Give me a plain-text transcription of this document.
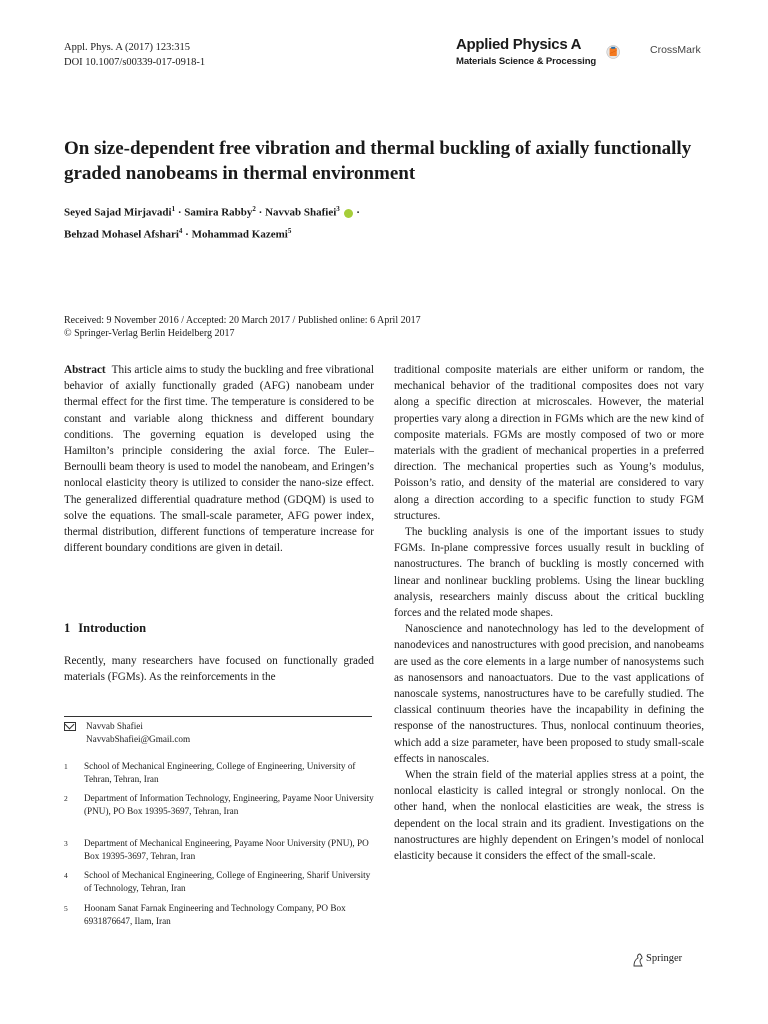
Appl. Phys. A (2017) 123:315
DOI 10.1007/s00339-017-0918-1
Applied Physics A
Materials Science & Processing
CrossMark
On size-dependent free vibration and thermal buckling of axially functionally graded nanobeams in thermal environment
Seyed Sajad Mirjavadi$^1$ · Samira Rabby$^2$ · Navvab Shafiei$^3$ ·
Behzad Mohasel Afshari$^4$ · Mohammad Kazemi$^5$
Received: 9 November 2016 / Accepted: 20 March 2017 / Published online: 6 April 2017
© Springer-Verlag Berlin Heidelberg 2017

Abstract This article aims to study the buckling and free vibrational behavior of axially functionally graded (AFG) nanobeam under thermal effect for the first time. The temperature is considered to be constant and variable along thickness and different boundary conditions. The governing equation is developed using the Hamilton’s principle considering the axial force. The Euler–Bernoulli beam theory is used to model the nanobeam, and Eringen’s nonlocal elasticity theory is utilized to consider the nano-size effect. The generalized differential quadrature method (GDQM) is used to solve the equations. The small-scale parameter, AFG power index, thermal distribution, different functions of temperature increase for different boundary conditions are given in detail.

1 Introduction

Recently, many researchers have focused on functionally graded materials (FGMs). As the reinforcements in the

Navvab Shafiei
NavvabShafiei@Gmail.com
1 School of Mechanical Engineering, College of Engineering, University of Tehran, Tehran, Iran
2 Department of Information Technology, Engineering, Payame Noor University (PNU), PO Box 19395-3697, Tehran, Iran
3 Department of Mechanical Engineering, Payame Noor University (PNU), PO Box 19395-3697, Tehran, Iran
4 School of Mechanical Engineering, College of Engineering, Sharif University of Technology, Tehran, Iran
5 Hoonam Sanat Farnak Engineering and Technology Company, PO Box 6931876647, Ilam, Iran

traditional composite materials are either uniform or random, the mechanical behavior of the traditional composites does not vary along a specific direction at microscales. However, the material properties vary along a direction in FGMs which are the new kind of composite materials. FGMs are mostly composed of two or more materials with the gradient of mechanical properties in a preferred direction. The mechanical properties such as Young’s modulus, Poisson’s ratio, and density of the material are considered to vary along a direction according to a specific function to study FGM structures.

The buckling analysis is one of the important issues to study FGMs. In-plane compressive forces usually result in buckling of nanostructures. The branch of buckling is mostly concerned with linear and nonlinear buckling problems. Using the linear buckling analysis, researchers mainly discuss about the critical buckling forces and the related mode shapes.

Nanoscience and nanotechnology has led to the development of nanodevices and nanostructures with good precision, and nanobeams are used as the core elements in a large number of nanosystems such as nanosensors and nanoactuators. Due to the vast applications of nanoscale systems, nanostructures have to be carefully studied. The classical continuum theories have the incapability in defining the response of the nanostructures. Thus, nonlocal continuum theories, which add a size parameter, have been proposed to study small-scale effects in nanoscales.

When the strain field of the material applies stress at a point, the nonlocal elasticity is called integral or strongly nonlocal. On the other hand, when the nonlocal elasticities are weak, the stress is dependent on the local strain and its gradient. Investigations on the nanostructures are highly dependent on Eringen’s model of nonlocal elasticity because it considers the effect of the small-scale.

Springer
